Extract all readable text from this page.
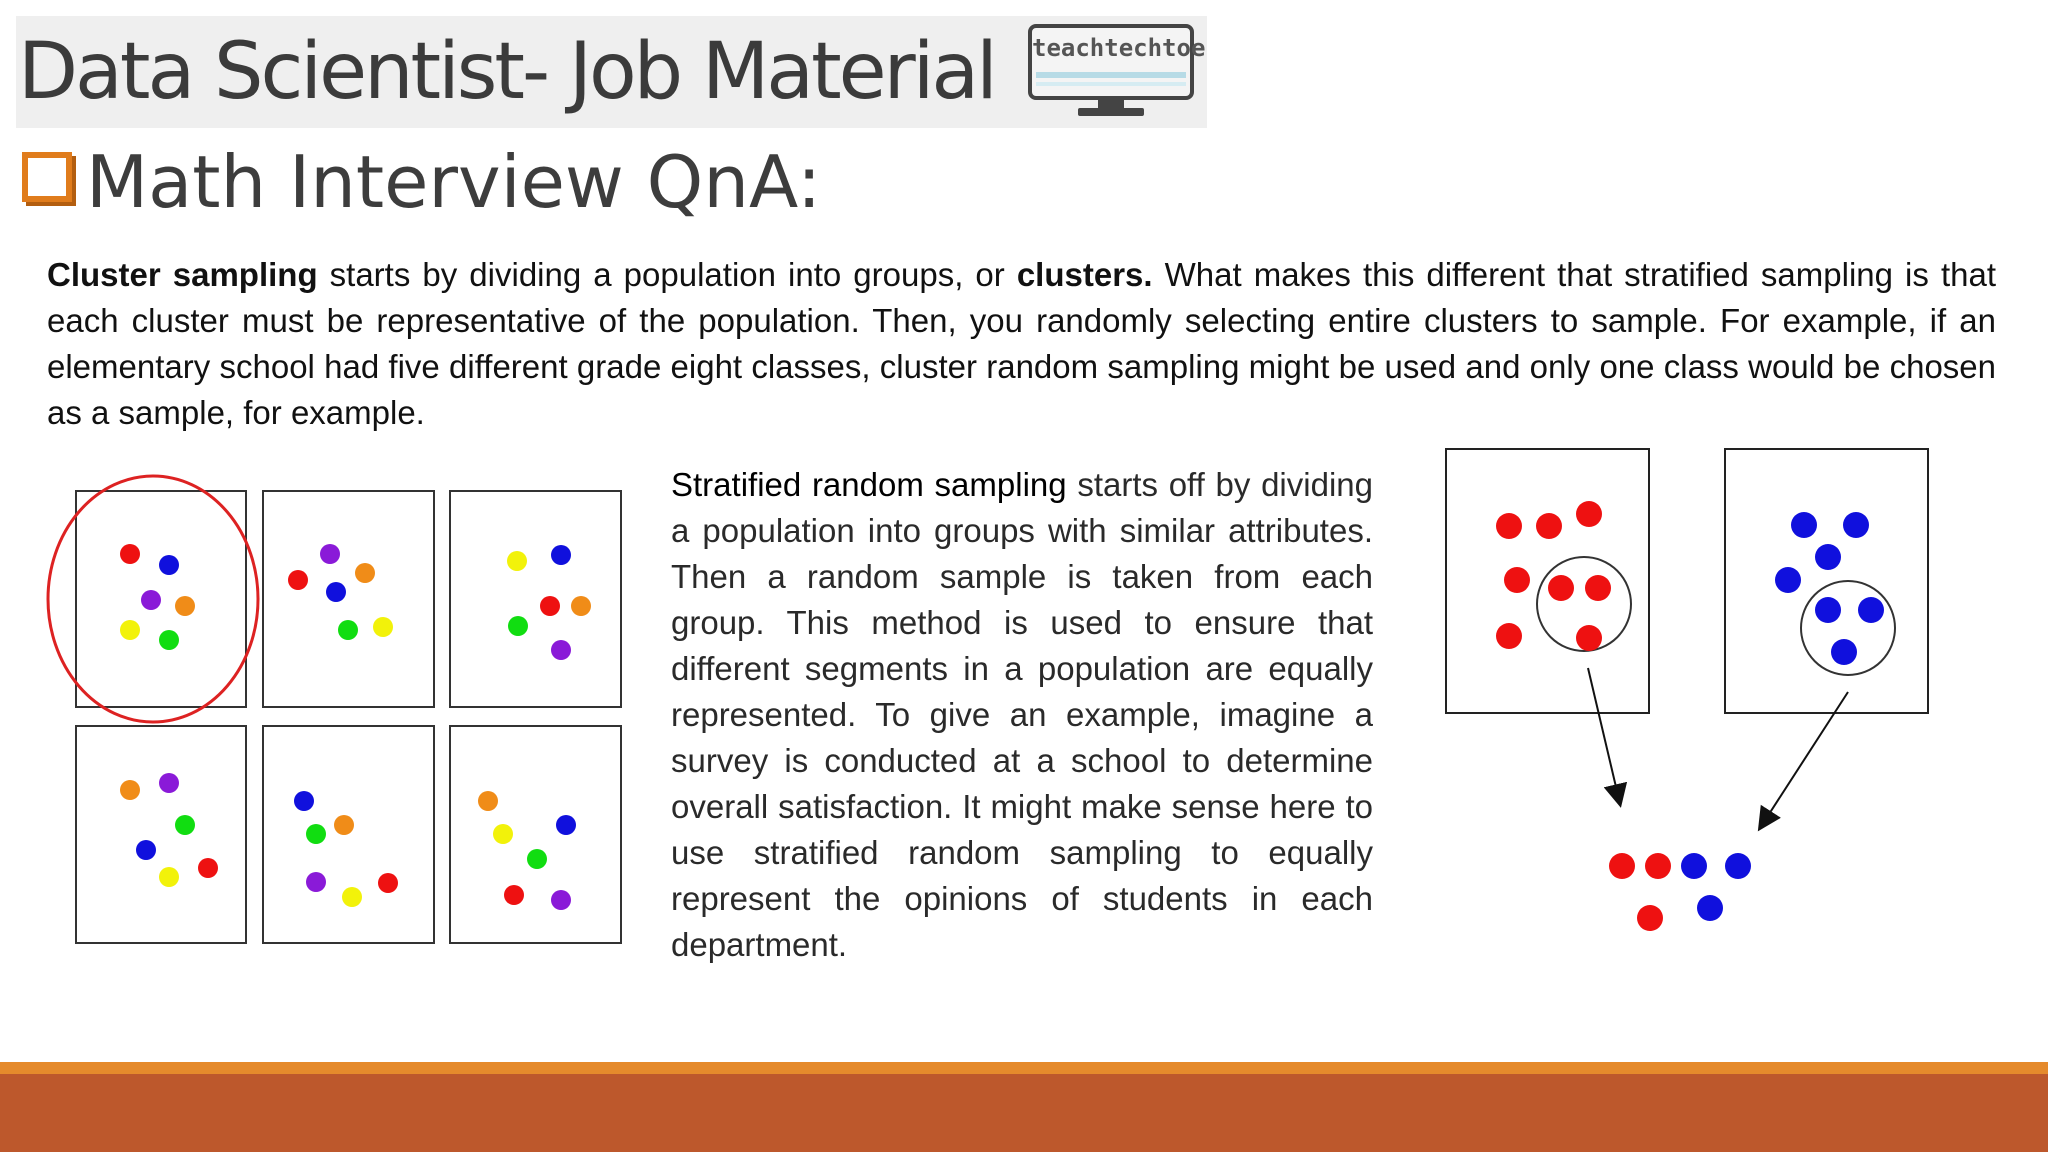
Data Scientist- Job Material teachtechtoe
Math Interview QnA:
Cluster sampling starts by dividing a population into groups, or clusters. What makes this different that stratified sampling is that each cluster must be representative of the population. Then, you randomly selecting entire clusters to sample. For example, if an elementary school had five different grade eight classes, cluster random sampling might be used and only one class would be chosen as a sample, for example.
Stratified random sampling starts off by dividing a population into groups with similar attributes. Then a random sample is taken from each group. This method is used to ensure that different segments in a population are equally represented. To give an example, imagine a survey is conducted at a school to determine overall satisfaction. It might make sense here to use stratified random sampling to equally represent the opinions of students in each department.
